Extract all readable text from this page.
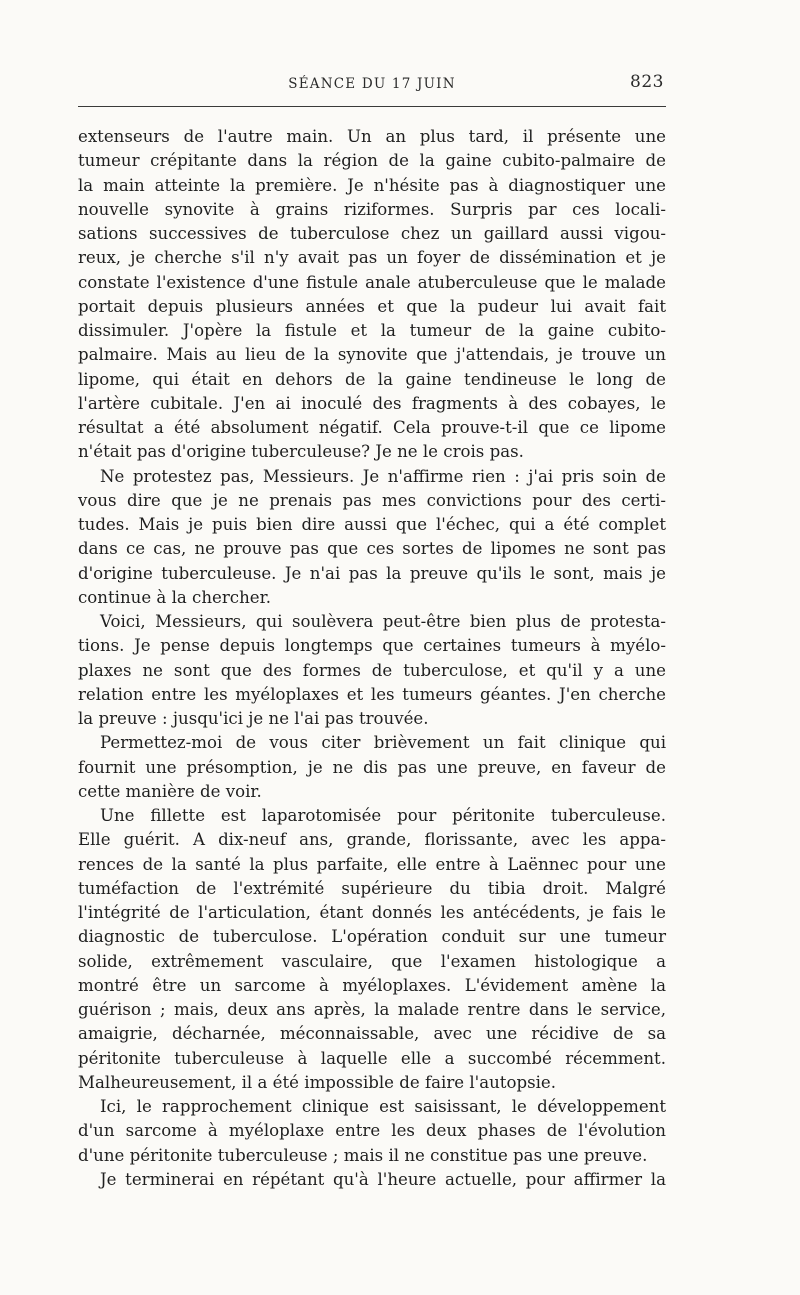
SÉANCE DU 17 JUIN	823
extenseurs de l'autre main. Un an plus tard, il présente une
tumeur crépitante dans la région de la gaine cubito-palmaire de
la main atteinte la première. Je n'hésite pas à diagnostiquer une
nouvelle synovite à grains riziformes. Surpris par ces locali-
sations successives de tuberculose chez un gaillard aussi vigou-
reux, je cherche s'il n'y avait pas un foyer de dissémination et je
constate l'existence d'une fistule anale atuberculeuse que le malade
portait depuis plusieurs années et que la pudeur lui avait fait
dissimuler. J'opère la fistule et la tumeur de la gaine cubito-
palmaire. Mais au lieu de la synovite que j'attendais, je trouve un
lipome, qui était en dehors de la gaine tendineuse le long de
l'artère cubitale. J'en ai inoculé des fragments à des cobayes, le
résultat a été absolument négatif. Cela prouve-t-il que ce lipome
n'était pas d'origine tuberculeuse? Je ne le crois pas.
Ne protestez pas, Messieurs. Je n'affirme rien : j'ai pris soin de
vous dire que je ne prenais pas mes convictions pour des certi-
tudes. Mais je puis bien dire aussi que l'échec, qui a été complet
dans ce cas, ne prouve pas que ces sortes de lipomes ne sont pas
d'origine tuberculeuse. Je n'ai pas la preuve qu'ils le sont, mais je
continue à la chercher.
Voici, Messieurs, qui soulèvera peut-être bien plus de protesta-
tions. Je pense depuis longtemps que certaines tumeurs à myélo-
plaxes ne sont que des formes de tuberculose, et qu'il y a une
relation entre les myéloplaxes et les tumeurs géantes. J'en cherche
la preuve : jusqu'ici je ne l'ai pas trouvée.
Permettez-moi de vous citer brièvement un fait clinique qui
fournit une présomption, je ne dis pas une preuve, en faveur de
cette manière de voir.
Une fillette est laparotomisée pour péritonite tuberculeuse.
Elle guérit. A dix-neuf ans, grande, florissante, avec les appa-
rences de la santé la plus parfaite, elle entre à Laënnec pour une
tuméfaction de l'extrémité supérieure du tibia droit. Malgré
l'intégrité de l'articulation, étant donnés les antécédents, je fais le
diagnostic de tuberculose. L'opération conduit sur une tumeur
solide, extrêmement vasculaire, que l'examen histologique a
montré être un sarcome à myéloplaxes. L'évidement amène la
guérison ; mais, deux ans après, la malade rentre dans le service,
amaigrie, décharnée, méconnaissable, avec une récidive de sa
péritonite tuberculeuse à laquelle elle a succombé récemment.
Malheureusement, il a été impossible de faire l'autopsie.
Ici, le rapprochement clinique est saisissant, le développement
d'un sarcome à myéloplaxe entre les deux phases de l'évolution
d'une péritonite tuberculeuse ; mais il ne constitue pas une preuve.
Je terminerai en répétant qu'à l'heure actuelle, pour affirmer la
